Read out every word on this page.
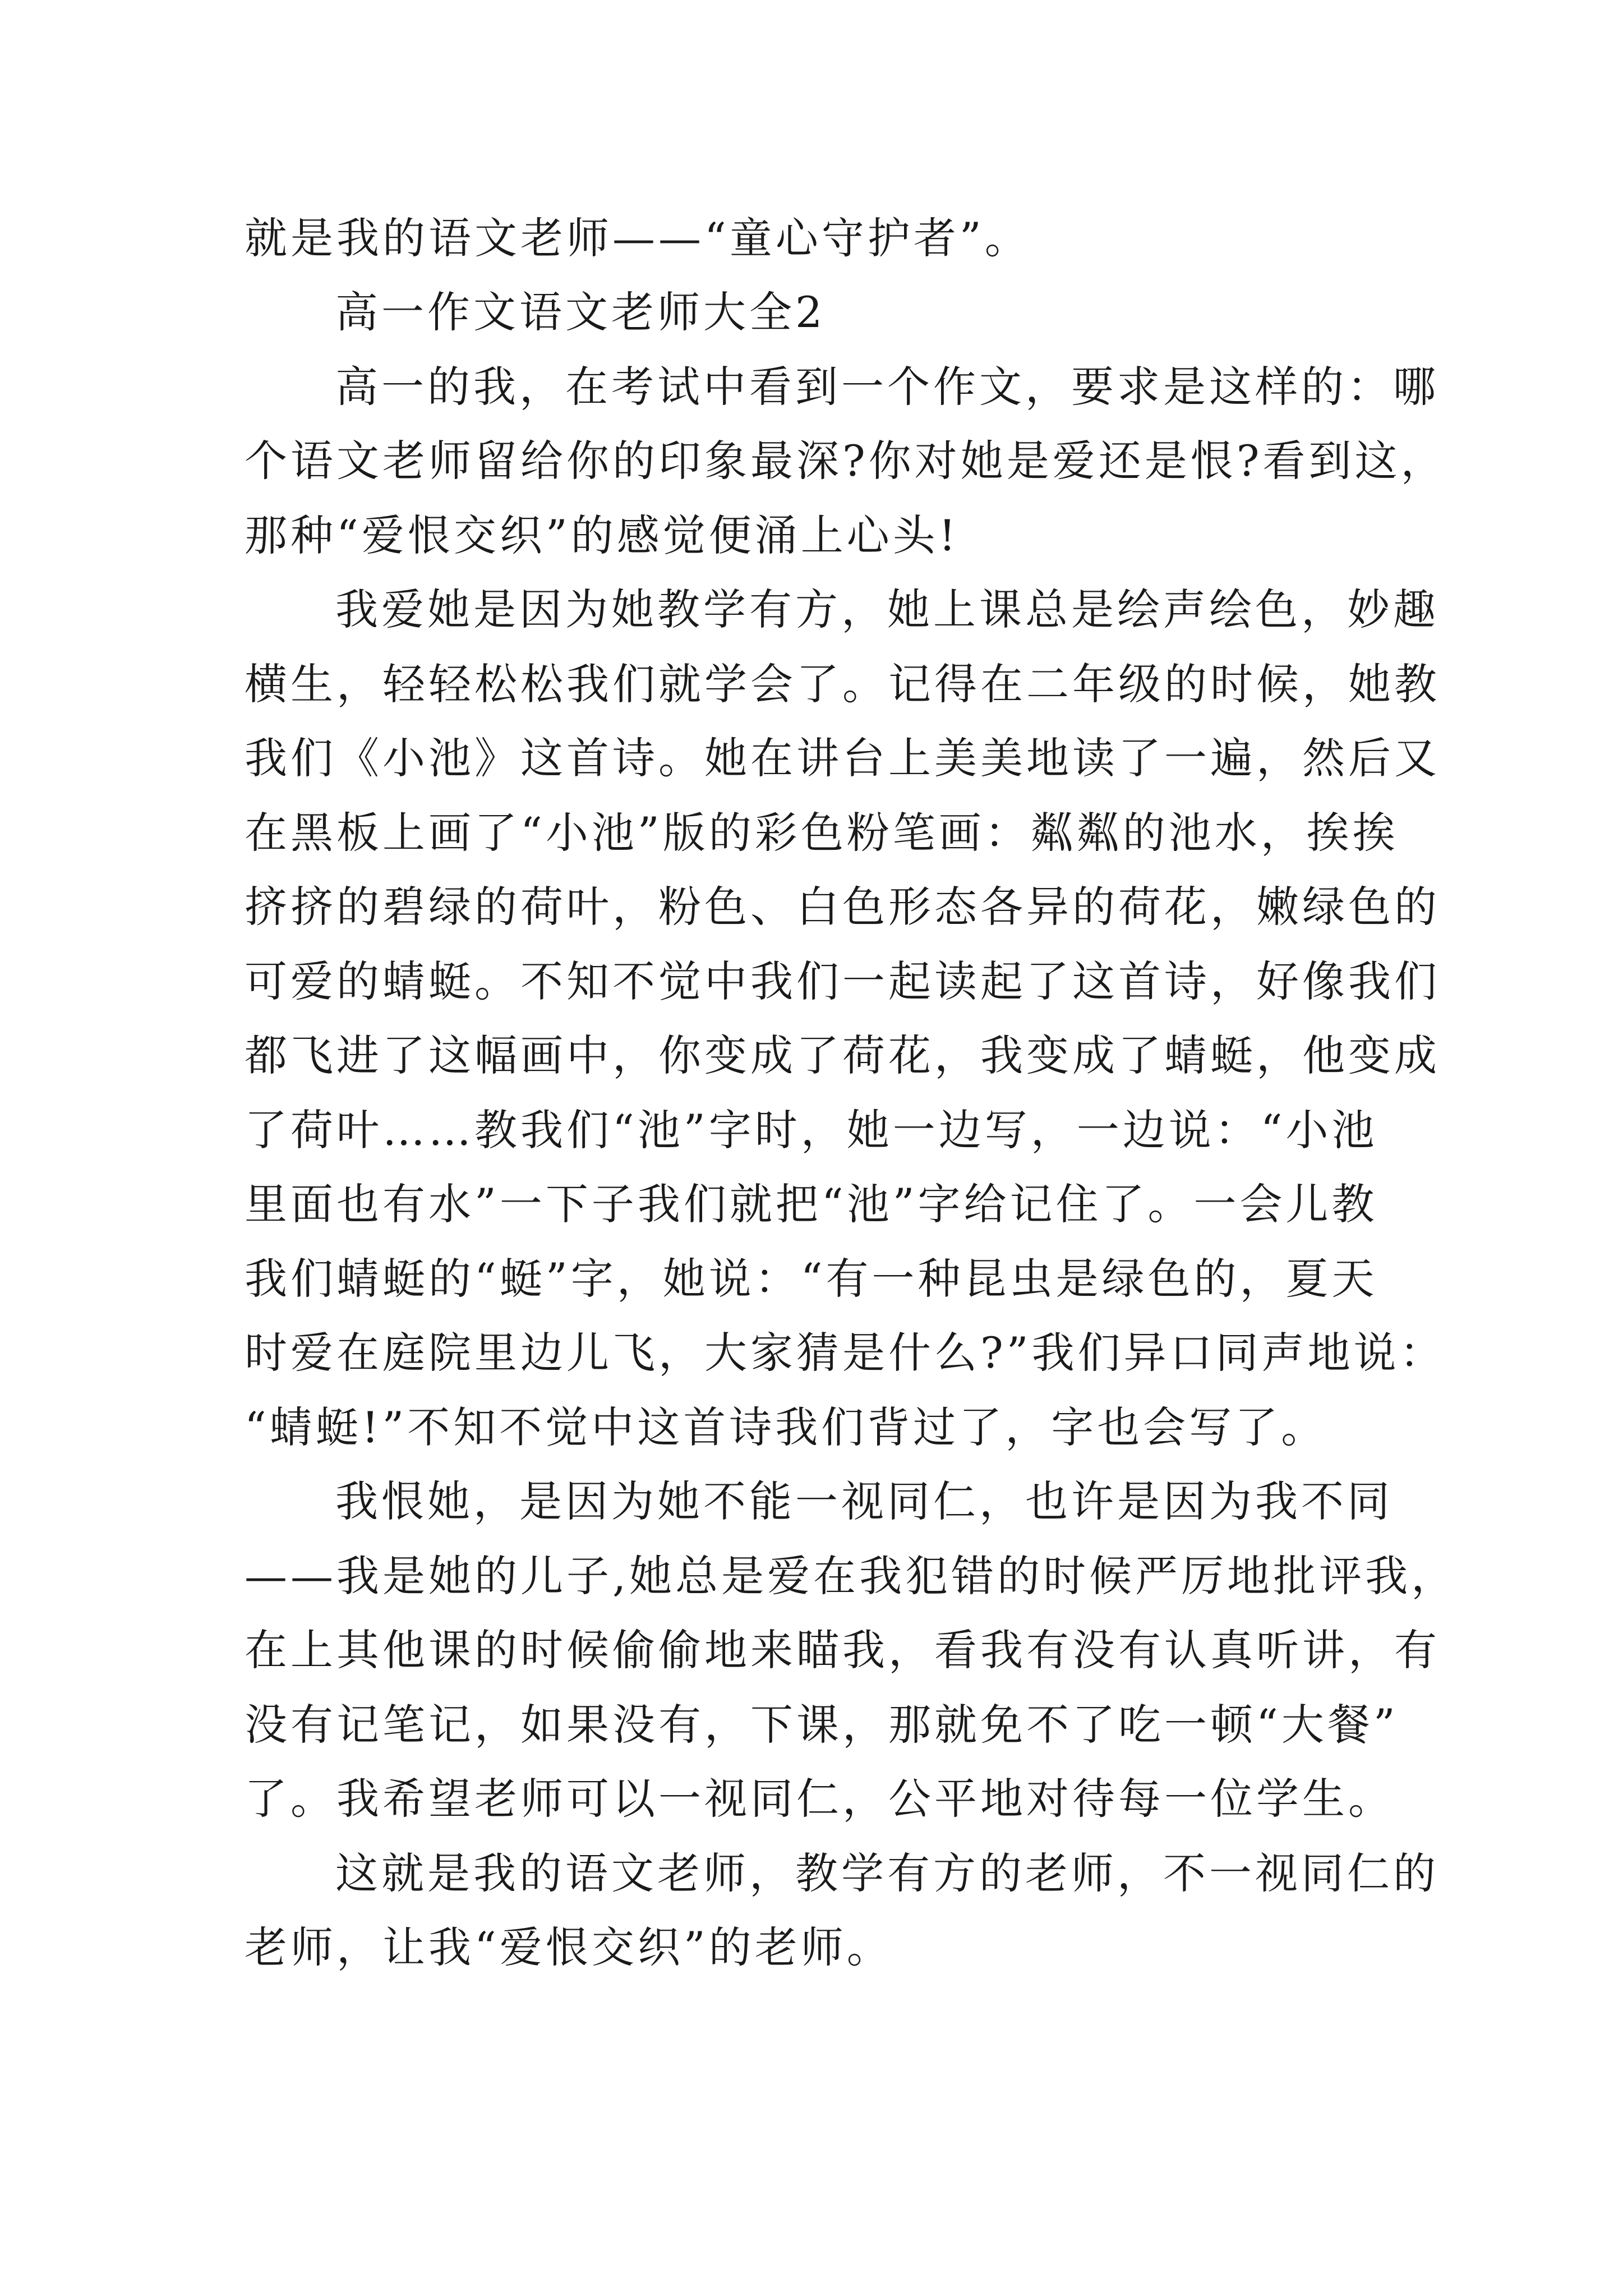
就是我的语文老师——“童心守护者”。
高一作文语文老师大全2
高一的我，在考试中看到一个作文，要求是这样的：哪
个语文老师留给你的印象最深?你对她是爱还是恨?看到这，
那种“爱恨交织”的感觉便涌上心头!
我爱她是因为她教学有方，她上课总是绘声绘色，妙趣
横生，轻轻松松我们就学会了。记得在二年级的时候，她教
我们《小池》这首诗。她在讲台上美美地读了一遍，然后又
在黑板上画了“小池”版的彩色粉笔画：粼粼的池水，挨挨
挤挤的碧绿的荷叶，粉色、白色形态各异的荷花，嫩绿色的
可爱的蜻蜓。不知不觉中我们一起读起了这首诗，好像我们
都飞进了这幅画中，你变成了荷花，我变成了蜻蜓，他变成
了荷叶……教我们“池”字时，她一边写，一边说：“小池
里面也有水”一下子我们就把“池”字给记住了。一会儿教
我们蜻蜓的“蜓”字，她说：“有一种昆虫是绿色的，夏天
时爱在庭院里边儿飞，大家猜是什么?”我们异口同声地说：
“蜻蜓!”不知不觉中这首诗我们背过了，字也会写了。
我恨她，是因为她不能一视同仁，也许是因为我不同
——我是她的儿子,她总是爱在我犯错的时候严厉地批评我，
在上其他课的时候偷偷地来瞄我，看我有没有认真听讲，有
没有记笔记，如果没有，下课，那就免不了吃一顿“大餐”
了。我希望老师可以一视同仁，公平地对待每一位学生。
这就是我的语文老师，教学有方的老师，不一视同仁的
老师，让我“爱恨交织”的老师。
